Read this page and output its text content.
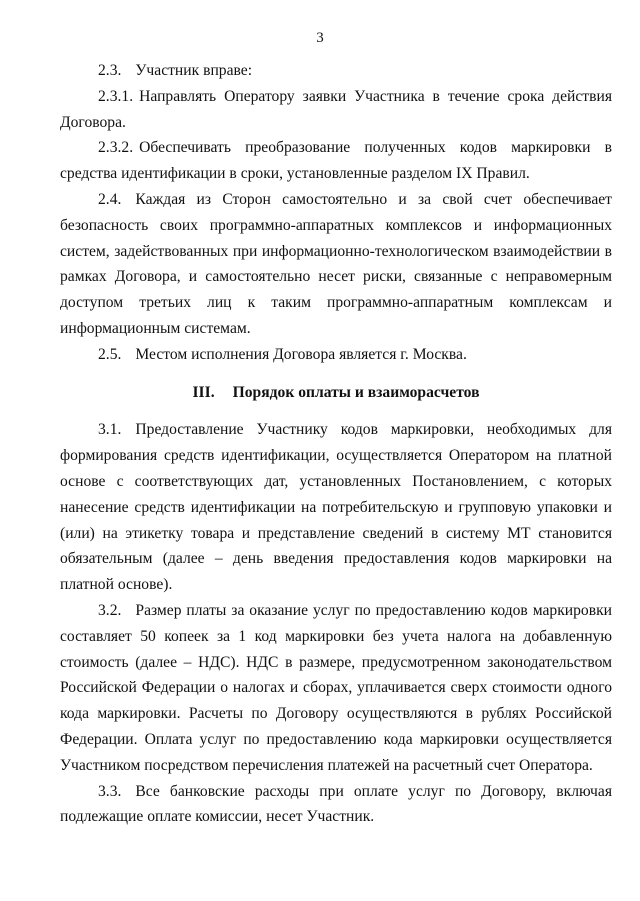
3

2.3. Участник вправе:

2.3.1. Направлять Оператору заявки Участника в течение срока действия Договора.

2.3.2. Обеспечивать преобразование полученных кодов маркировки в средства идентификации в сроки, установленные разделом IX Правил.

2.4. Каждая из Сторон самостоятельно и за свой счет обеспечивает безопасность своих программно-аппаратных комплексов и информационных систем, задействованных при информационно-технологическом взаимодействии в рамках Договора, и самостоятельно несет риски, связанные с неправомерным доступом третьих лиц к таким программно-аппаратным комплексам и информационным системам.

2.5. Местом исполнения Договора является г. Москва.

III. Порядок оплаты и взаиморасчетов

3.1. Предоставление Участнику кодов маркировки, необходимых для формирования средств идентификации, осуществляется Оператором на платной основе с соответствующих дат, установленных Постановлением, с которых нанесение средств идентификации на потребительскую и групповую упаковки и (или) на этикетку товара и представление сведений в систему МТ становится обязательным (далее – день введения предоставления кодов маркировки на платной основе).

3.2. Размер платы за оказание услуг по предоставлению кодов маркировки составляет 50 копеек за 1 код маркировки без учета налога на добавленную стоимость (далее – НДС). НДС в размере, предусмотренном законодательством Российской Федерации о налогах и сборах, уплачивается сверх стоимости одного кода маркировки. Расчеты по Договору осуществляются в рублях Российской Федерации. Оплата услуг по предоставлению кода маркировки осуществляется Участником посредством перечисления платежей на расчетный счет Оператора.

3.3. Все банковские расходы при оплате услуг по Договору, включая подлежащие оплате комиссии, несет Участник.
